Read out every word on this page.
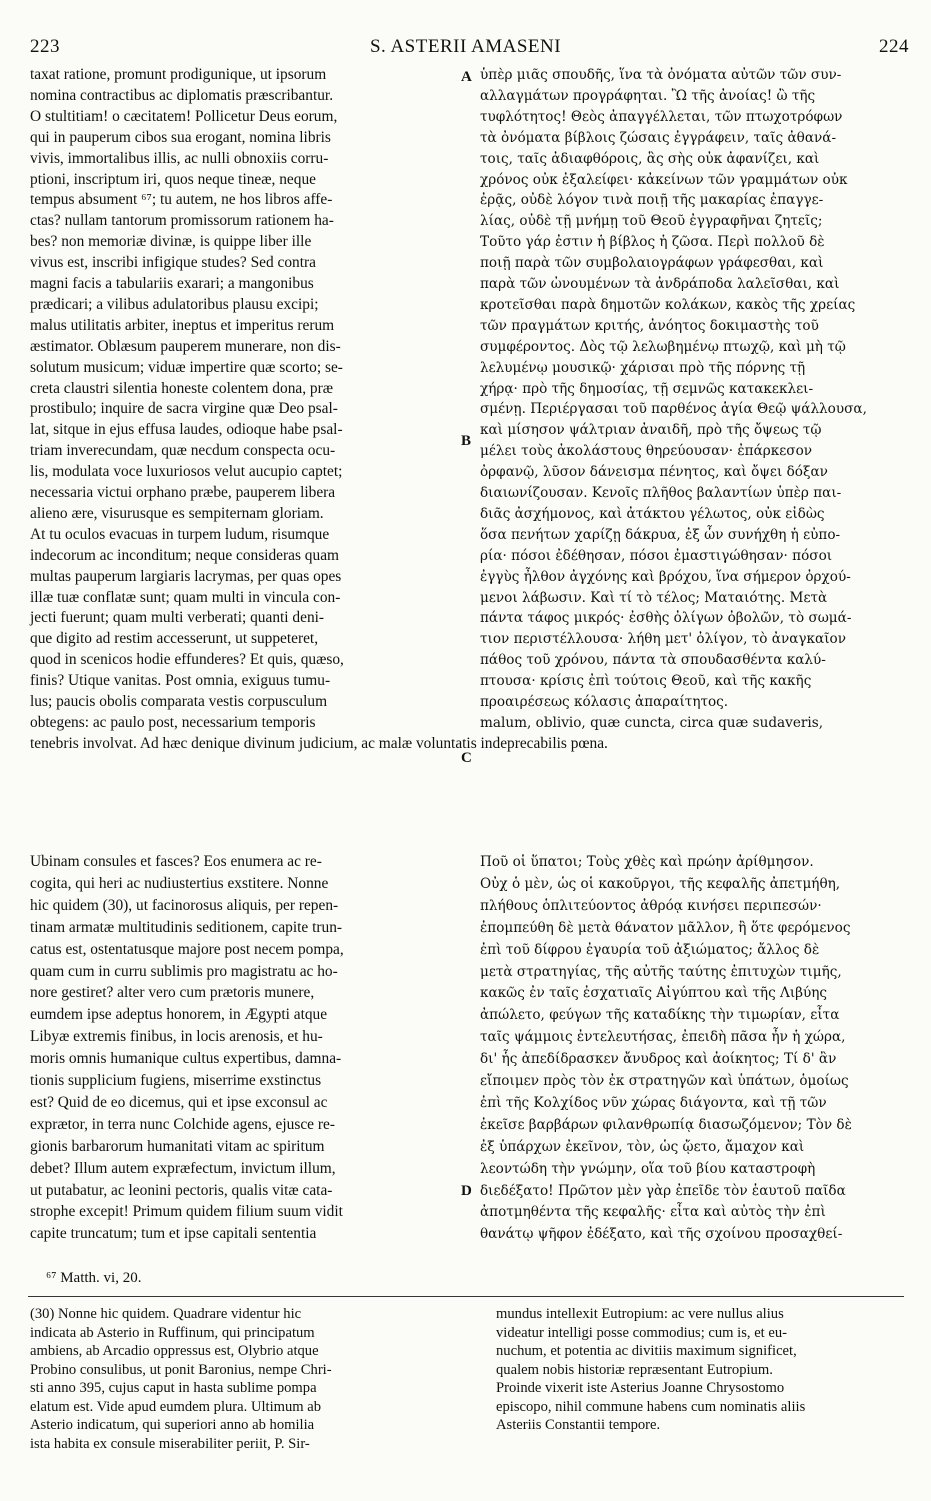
223	S. ASTERII AMASENI	224
taxat ratione, promunt prodigunique, ut ipsorum
nomina contractibus ac diplomatis præscribantur.
O stultitiam! o cæcitatem! Pollicetur Deus eorum,
qui in pauperum cibos sua erogant, nomina libris
vivis, immortalibus illis, ac nulli obnoxiis corru-
ptioni, inscriptum iri, quos neque tineæ, neque
tempus absument ⁶⁷; tu autem, ne hos libros affe-
ctas? nullam tantorum promissorum rationem ha-
bes? non memoriæ divinæ, is quippe liber ille
vivus est, inscribi infigique studes? Sed contra
magni facis a tabulariis exarari; a mangonibus
prædicari; a vilibus adulatoribus plausu excipi;
malus utilitatis arbiter, ineptus et imperitus rerum
æstimator. Oblæsum pauperem munerare, non dis-
solutum musicum; viduæ impertire quæ scorto; se-
creta claustri silentia honeste colentem dona, præ
prostibulo; inquire de sacra virgine quæ Deo psal-
lat, sitque in ejus effusa laudes, odioque habe psal-
triam inverecundam, quæ necdum conspecta ocu-
lis, modulata voce luxuriosos velut aucupio captet;
necessaria victui orphano præbe, pauperem libera
alieno ære, visurusque es sempiternam gloriam.
At tu oculos evacuas in turpem ludum, risumque
indecorum ac inconditum; neque consideras quam
multas pauperum largiaris lacrymas, per quas opes
illæ tuæ conflatæ sunt; quam multi in vincula con-
jecti fuerunt; quam multi verberati; quanti deni-
que digito ad restim accesserunt, ut suppeteret,
quod in scenicos hodie effunderes? Et quis, quæso,
finis? Utique vanitas. Post omnia, exiguus tumu-
lus; paucis obolis comparata vestis corpusculum
obtegens: ac paulo post, necessarium temporis
tenebris involvat. Ad hæc denique divinum judicium, ac malæ voluntatis indeprecabilis pœna.
ὑπὲρ μιᾶς σπουδῆς, ἵνα τὰ ὀνόματα αὐτῶν τῶν συν-
αλλαγμάτων προγράφηται. Ὢ τῆς ἀνοίας! ὢ τῆς
τυφλότητος! Θεὸς ἀπαγγέλλεται, τῶν πτωχοτρόφων
τὰ ὀνόματα βίβλοις ζώσαις ἐγγράφειν, ταῖς ἀθανά-
τοις, ταῖς ἀδιαφθόροις, ἃς σὴς οὐκ ἀφανίζει, καὶ
χρόνος οὐκ ἐξαλείφει· κἀκείνων τῶν γραμμάτων οὐκ
ἐρᾷς, οὐδὲ λόγον τινὰ ποιῇ τῆς μακαρίας ἐπαγγε-
λίας, οὐδὲ τῇ μνήμῃ τοῦ Θεοῦ ἐγγραφῆναι ζητεῖς;
Τοῦτο γάρ ἐστιν ἡ βίβλος ἡ ζῶσα. Περὶ πολλοῦ δὲ
ποιῇ παρὰ τῶν συμβολαιογράφων γράφεσθαι, καὶ
παρὰ τῶν ὠνουμένων τὰ ἀνδράποδα λαλεῖσθαι, καὶ
κροτεῖσθαι παρὰ δημοτῶν κολάκων, κακὸς τῆς χρείας
τῶν πραγμάτων κριτής, ἀνόητος δοκιμαστὴς τοῦ
συμφέροντος. Δὸς τῷ λελωβημένῳ πτωχῷ, καὶ μὴ τῷ
λελυμένῳ μουσικῷ· χάρισαι πρὸ τῆς πόρνης τῇ
χήρᾳ· πρὸ τῆς δημοσίας, τῇ σεμνῶς κατακεκλει-
σμένῃ. Περιέργασαι τοῦ παρθένος ἁγία Θεῷ ψάλλουσα,
καὶ μίσησον ψάλτριαν ἀναιδῆ, πρὸ τῆς ὄψεως τῷ
μέλει τοὺς ἀκολάστους θηρεύουσαν· ἐπάρκεσον
ὀρφανῷ, λῦσον δάνεισμα πένητος, καὶ ὄψει δόξαν
διαιωνίζουσαν. Κενοῖς πλῆθος βαλαντίων ὑπὲρ παι-
διᾶς ἀσχήμονος, καὶ ἀτάκτου γέλωτος, οὐκ εἰδὼς
ὅσα πενήτων χαρίζῃ δάκρυα, ἐξ ὧν συνήχθη ἡ εὐπο-
ρία· πόσοι ἐδέθησαν, πόσοι ἐμαστιγώθησαν· πόσοι
ἐγγὺς ἦλθον ἀγχόνης καὶ βρόχου, ἵνα σήμερον ὀρχού-
μενοι λάβωσιν. Καὶ τί τὸ τέλος; Ματαιότης. Μετὰ
πάντα τάφος μικρός· ἐσθὴς ὀλίγων ὀβολῶν, τὸ σωμά-
τιον περιστέλλουσα· λήθη μετ' ὀλίγον, τὸ ἀναγκαῖον
πάθος τοῦ χρόνου, πάντα τὰ σπουδασθέντα καλύ-
πτουσα· κρίσις ἐπὶ τούτοις Θεοῦ, καὶ τῆς κακῆς
προαιρέσεως κόλασις ἀπαραίτητος.
malum, oblivio, quæ cuncta, circa quæ sudaveris,
Ubinam consules et fasces? Eos enumera ac re-
cogita, qui heri ac nudiustertius exstitere. Nonne
hic quidem (30), ut facinorosus aliquis, per repen-
tinam armatæ multitudinis seditionem, capite trun-
catus est, ostentatusque majore post necem pompa,
quam cum in curru sublimis pro magistratu ac ho-
nore gestiret? alter vero cum prætoris munere,
eumdem ipse adeptus honorem, in Ægypti atque
Libyæ extremis finibus, in locis arenosis, et hu-
moris omnis humanique cultus expertibus, damna-
tionis supplicium fugiens, miserrime exstinctus
est? Quid de eo dicemus, qui et ipse exconsul ac
exprætor, in terra nunc Colchide agens, ejusce re-
gionis barbarorum humanitati vitam ac spiritum
debet? Illum autem expræfectum, invictum illum,
ut putabatur, ac leonini pectoris, qualis vitæ cata-
strophe excepit! Primum quidem filium suum vidit
capite truncatum; tum et ipse capitali sententia
Ποῦ οἱ ὕπατοι; Τοὺς χθὲς καὶ πρώην ἀρίθμησον.
Οὐχ ὁ μὲν, ὡς οἱ κακοῦργοι, τῆς κεφαλῆς ἀπετμήθη,
πλήθους ὁπλιτεύοντος ἀθρόᾳ κινήσει περιπεσών·
ἐπομπεύθη δὲ μετὰ θάνατον μᾶλλον, ἢ ὅτε φερόμενος
ἐπὶ τοῦ δίφρου ἐγαυρία τοῦ ἀξιώματος; ἄλλος δὲ
μετὰ στρατηγίας, τῆς αὐτῆς ταύτης ἐπιτυχὼν τιμῆς,
κακῶς ἐν ταῖς ἐσχατιαῖς Αἰγύπτου καὶ τῆς Λιβύης
ἀπώλετο, φεύγων τῆς καταδίκης τὴν τιμωρίαν, εἶτα
ταῖς ψάμμοις ἐντελευτήσας, ἐπειδὴ πᾶσα ἦν ἡ χώρα,
δι' ἧς ἀπεδίδρασκεν ἄνυδρος καὶ ἀοίκητος; Τί δ' ἂν
εἴποιμεν πρὸς τὸν ἐκ στρατηγῶν καὶ ὑπάτων, ὁμοίως
ἐπὶ τῆς Κολχίδος νῦν χώρας διάγοντα, καὶ τῇ τῶν
ἐκεῖσε βαρβάρων φιλανθρωπίᾳ διασωζόμενον; Τὸν δὲ
ἐξ ὑπάρχων ἐκεῖνον, τὸν, ὡς ᾤετο, ἄμαχον καὶ
λεοντώδη τὴν γνώμην, οἵα τοῦ βίου καταστροφὴ
διεδέξατο! Πρῶτον μὲν γὰρ ἐπεῖδε τὸν ἑαυτοῦ παῖδα
ἀποτμηθέντα τῆς κεφαλῆς· εἶτα καὶ αὐτὸς τὴν ἐπὶ
θανάτῳ ψῆφον ἐδέξατο, καὶ τῆς σχοίνου προσαχθεί-
A
B
C
D
⁶⁷ Matth. vi, 20.
(30) Nonne hic quidem. Quadrare videntur hic
indicata ab Asterio in Ruffinum, qui principatum
ambiens, ab Arcadio oppressus est, Olybrio atque
Probino consulibus, ut ponit Baronius, nempe Chri-
sti anno 395, cujus caput in hasta sublime pompa
elatum est. Vide apud eumdem plura. Ultimum ab
Asterio indicatum, qui superiori anno ab homilia
ista habita ex consule miserabiliter periit, P. Sir-
mundus intellexit Eutropium: ac vere nullus alius
videatur intelligi posse commodius; cum is, et eu-
nuchum, et potentia ac divitiis maximum significet,
qualem nobis historiæ repræsentant Eutropium.
Proinde vixerit iste Asterius Joanne Chrysostomo
episcopo, nihil commune habens cum nominatis aliis
Asteriis Constantii tempore.
